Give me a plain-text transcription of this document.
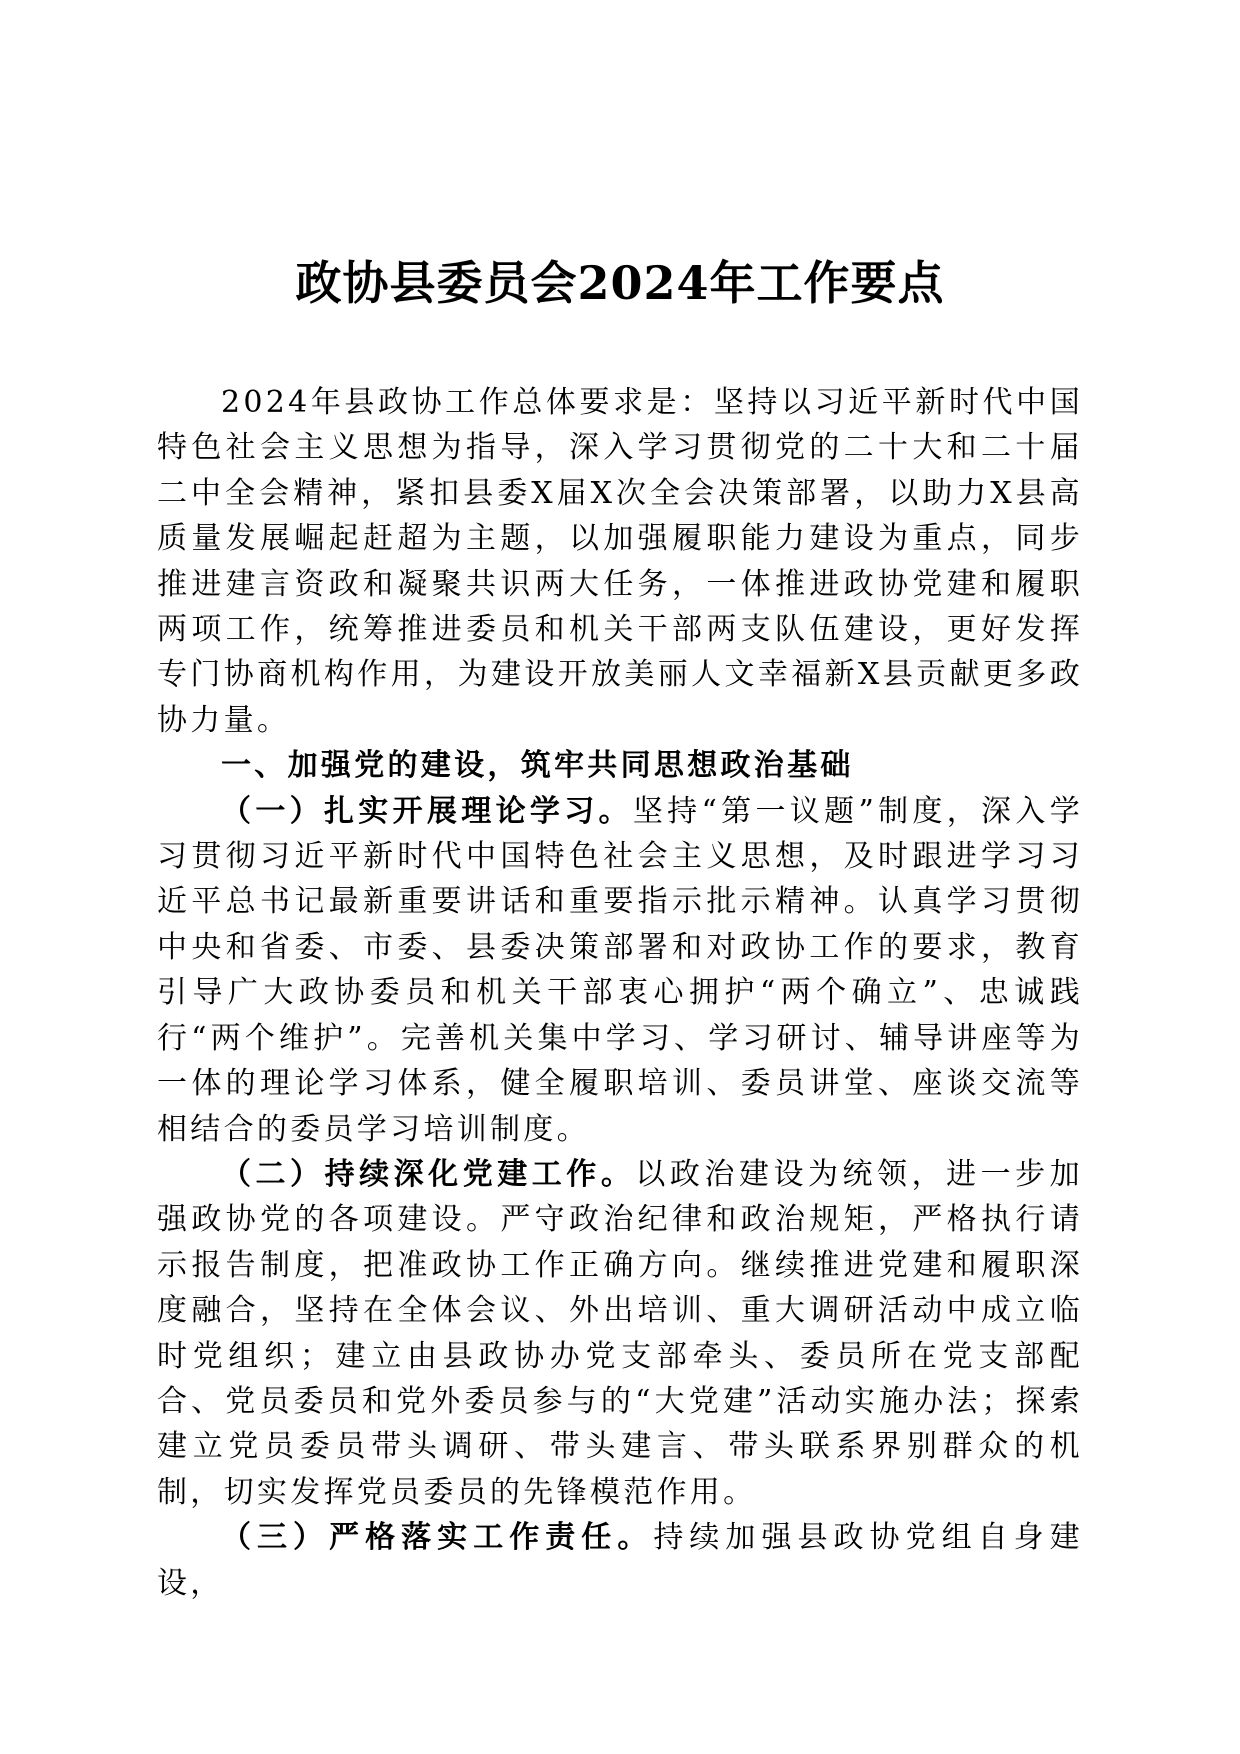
政协县委员会2024年工作要点

2024年县政协工作总体要求是：坚持以习近平新时代中国特色社会主义思想为指导，深入学习贯彻党的二十大和二十届二中全会精神，紧扣县委X届X次全会决策部署，以助力X县高质量发展崛起赶超为主题，以加强履职能力建设为重点，同步推进建言资政和凝聚共识两大任务，一体推进政协党建和履职两项工作，统筹推进委员和机关干部两支队伍建设，更好发挥专门协商机构作用，为建设开放美丽人文幸福新X县贡献更多政协力量。

一、加强党的建设，筑牢共同思想政治基础

（一）扎实开展理论学习。坚持“第一议题”制度，深入学习贯彻习近平新时代中国特色社会主义思想，及时跟进学习习近平总书记最新重要讲话和重要指示批示精神。认真学习贯彻中央和省委、市委、县委决策部署和对政协工作的要求，教育引导广大政协委员和机关干部衷心拥护“两个确立”、忠诚践行“两个维护”。完善机关集中学习、学习研讨、辅导讲座等为一体的理论学习体系，健全履职培训、委员讲堂、座谈交流等相结合的委员学习培训制度。

（二）持续深化党建工作。以政治建设为统领，进一步加强政协党的各项建设。严守政治纪律和政治规矩，严格执行请示报告制度，把准政协工作正确方向。继续推进党建和履职深度融合，坚持在全体会议、外出培训、重大调研活动中成立临时党组织；建立由县政协办党支部牵头、委员所在党支部配合、党员委员和党外委员参与的“大党建”活动实施办法；探索建立党员委员带头调研、带头建言、带头联系界别群众的机制，切实发挥党员委员的先锋模范作用。

（三）严格落实工作责任。持续加强县政协党组自身建设，
